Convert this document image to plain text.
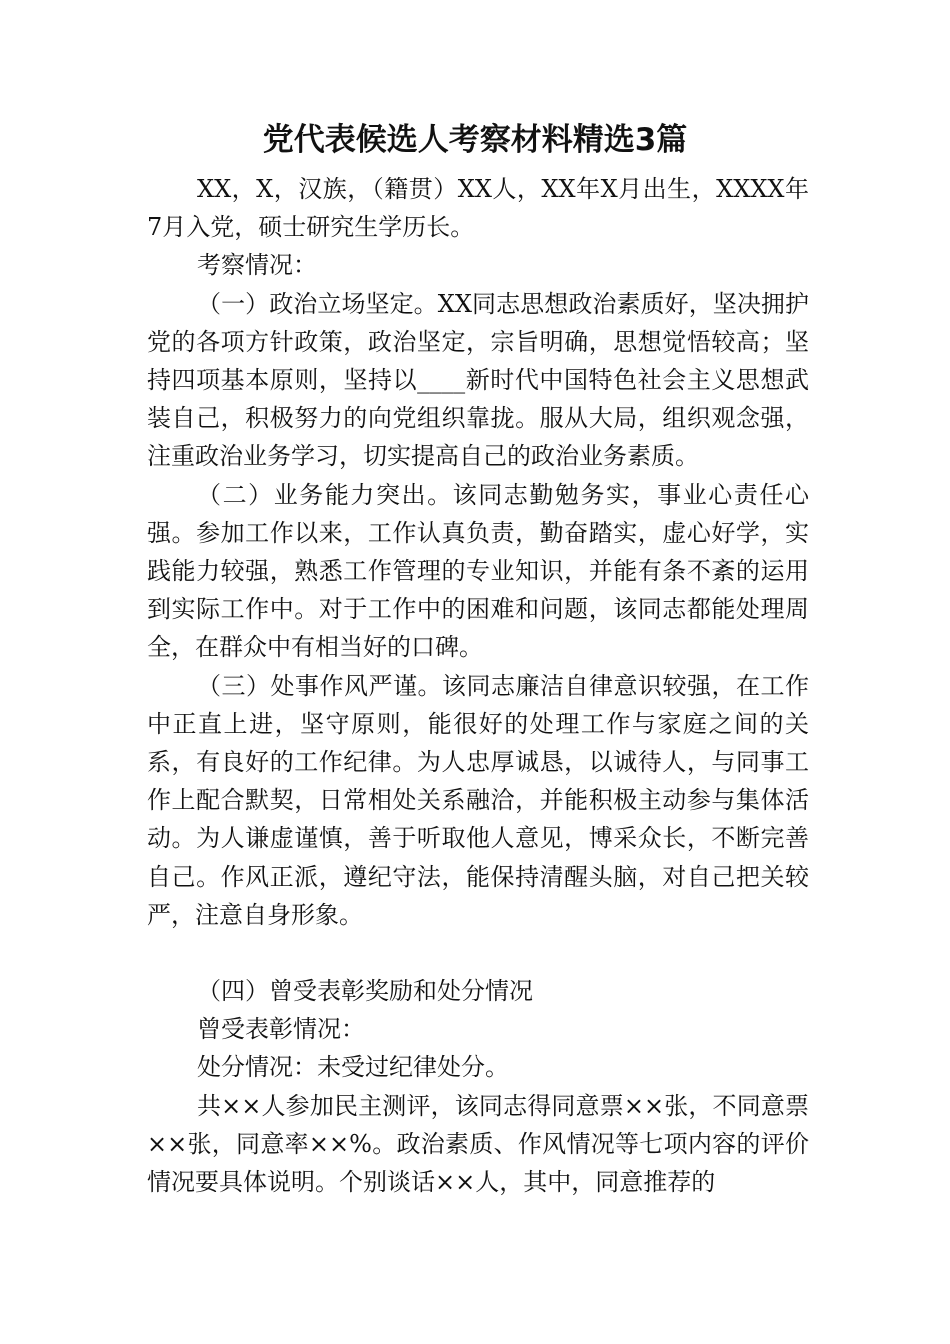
党代表候选人考察材料精选3篇

XX，X，汉族，（籍贯）XX人，XX年X月出生，XXXX年7月入党，硕士研究生学历长。

考察情况：

（一）政治立场坚定。XX同志思想政治素质好，坚决拥护党的各项方针政策，政治坚定，宗旨明确，思想觉悟较高；坚持四项基本原则，坚持以____新时代中国特色社会主义思想武装自己，积极努力的向党组织靠拢。服从大局，组织观念强，注重政治业务学习，切实提高自己的政治业务素质。

（二）业务能力突出。该同志勤勉务实，事业心责任心强。参加工作以来，工作认真负责，勤奋踏实，虚心好学，实践能力较强，熟悉工作管理的专业知识，并能有条不紊的运用到实际工作中。对于工作中的困难和问题，该同志都能处理周全，在群众中有相当好的口碑。

（三）处事作风严谨。该同志廉洁自律意识较强，在工作中正直上进，坚守原则，能很好的处理工作与家庭之间的关系，有良好的工作纪律。为人忠厚诚恳，以诚待人，与同事工作上配合默契，日常相处关系融洽，并能积极主动参与集体活动。为人谦虚谨慎，善于听取他人意见，博采众长，不断完善自己。作风正派，遵纪守法，能保持清醒头脑，对自己把关较严，注意自身形象。

（四）曾受表彰奖励和处分情况

曾受表彰情况：

处分情况：未受过纪律处分。

共××人参加民主测评，该同志得同意票××张，不同意票××张，同意率××%。政治素质、作风情况等七项内容的评价情况要具体说明。个别谈话××人，其中，同意推荐的
